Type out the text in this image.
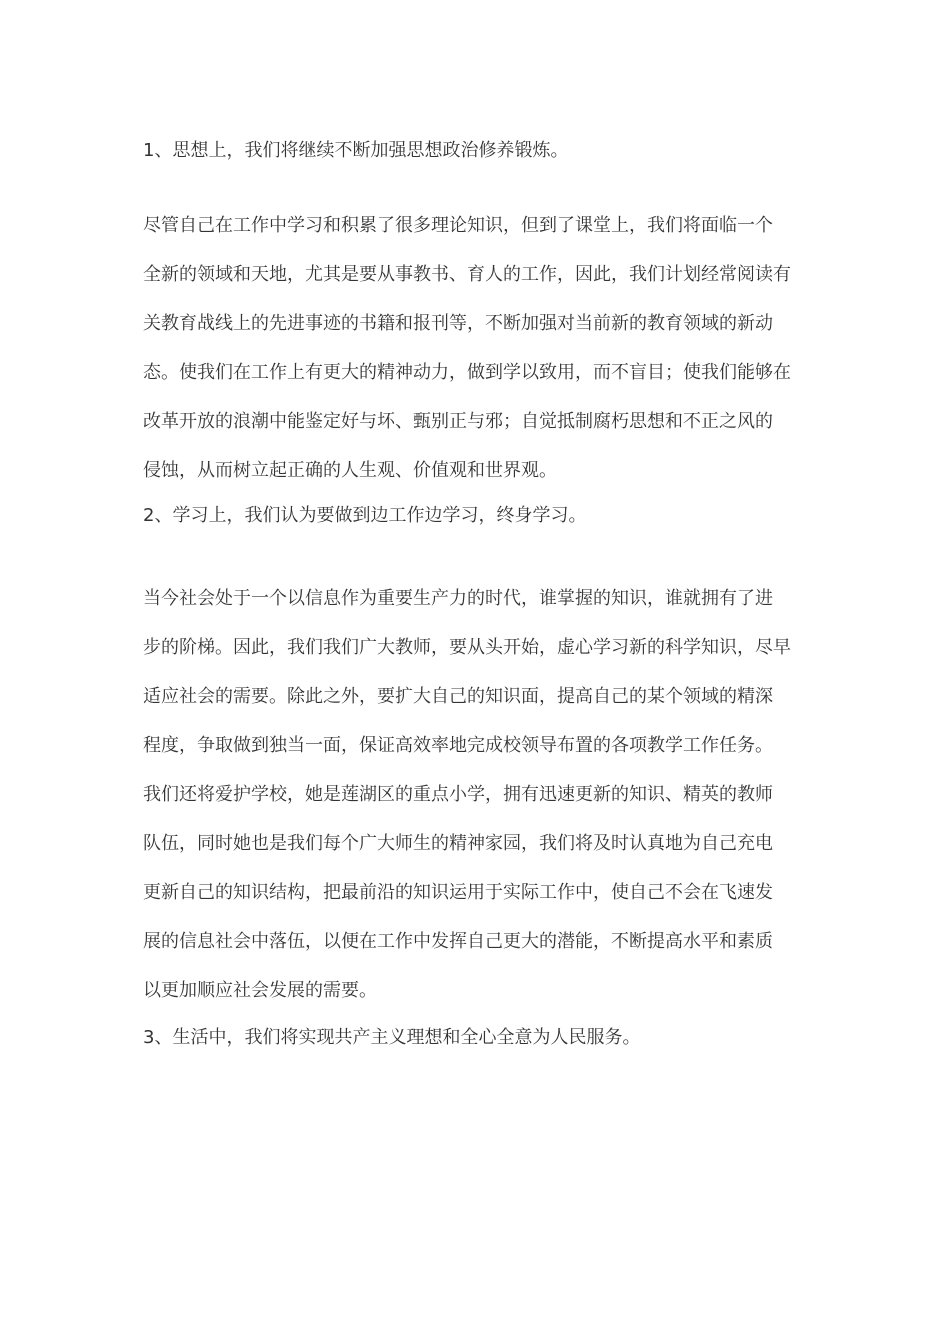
1、思想上，我们将继续不断加强思想政治修养锻炼。

尽管自己在工作中学习和积累了很多理论知识，但到了课堂上，我们将面临一个

全新的领域和天地，尤其是要从事教书、育人的工作，因此，我们计划经常阅读有

关教育战线上的先进事迹的书籍和报刊等，不断加强对当前新的教育领域的新动

态。使我们在工作上有更大的精神动力，做到学以致用，而不盲目；使我们能够在

改革开放的浪潮中能鉴定好与坏、甄别正与邪；自觉抵制腐朽思想和不正之风的

侵蚀，从而树立起正确的人生观、价值观和世界观。

2、学习上，我们认为要做到边工作边学习，终身学习。

当今社会处于一个以信息作为重要生产力的时代，谁掌握的知识，谁就拥有了进

步的阶梯。因此，我们我们广大教师，要从头开始，虚心学习新的科学知识，尽早

适应社会的需要。除此之外，要扩大自己的知识面，提高自己的某个领域的精深

程度，争取做到独当一面，保证高效率地完成校领导布置的各项教学工作任务。

我们还将爱护学校，她是莲湖区的重点小学，拥有迅速更新的知识、精英的教师

队伍，同时她也是我们每个广大师生的精神家园，我们将及时认真地为自己充电

更新自己的知识结构，把最前沿的知识运用于实际工作中，使自己不会在飞速发

展的信息社会中落伍，以便在工作中发挥自己更大的潜能，不断提高水平和素质

以更加顺应社会发展的需要。

3、生活中，我们将实现共产主义理想和全心全意为人民服务。
